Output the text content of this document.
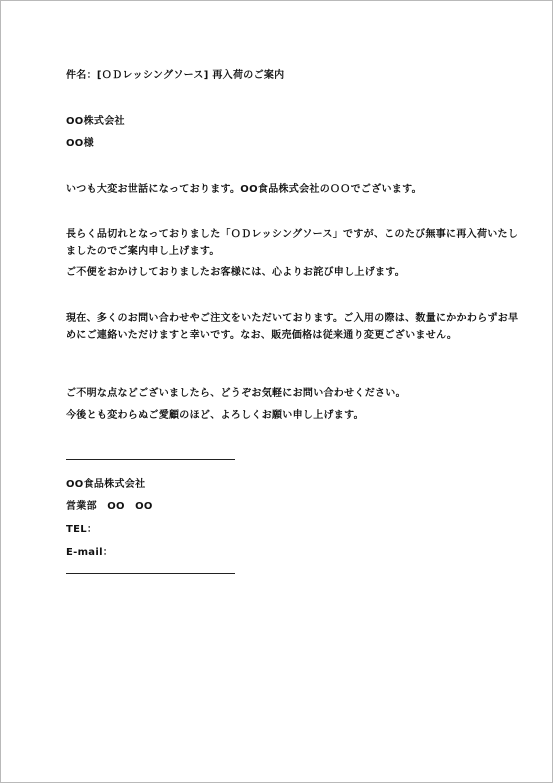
件名：[ＯＤレッシングソース] 再入荷のご案内
OO株式会社
OO様
いつも大変お世話になっております。OO食品株式会社のＯＯでございます。
長らく品切れとなっておりました「ＯＤレッシングソース」ですが、このたび無事に再入荷いたしましたのでご案内申し上げます。
ご不便をおかけしておりましたお客様には、心よりお詫び申し上げます。
現在、多くのお問い合わせやご注文をいただいております。ご入用の際は、数量にかかわらずお早めにご連絡いただけますと幸いです。なお、販売価格は従来通り変更ございません。
ご不明な点などございましたら、どうぞお気軽にお問い合わせください。
今後とも変わらぬご愛顧のほど、よろしくお願い申し上げます。
OO食品株式会社
営業部　OO　OO
TEL：
E-mail：
